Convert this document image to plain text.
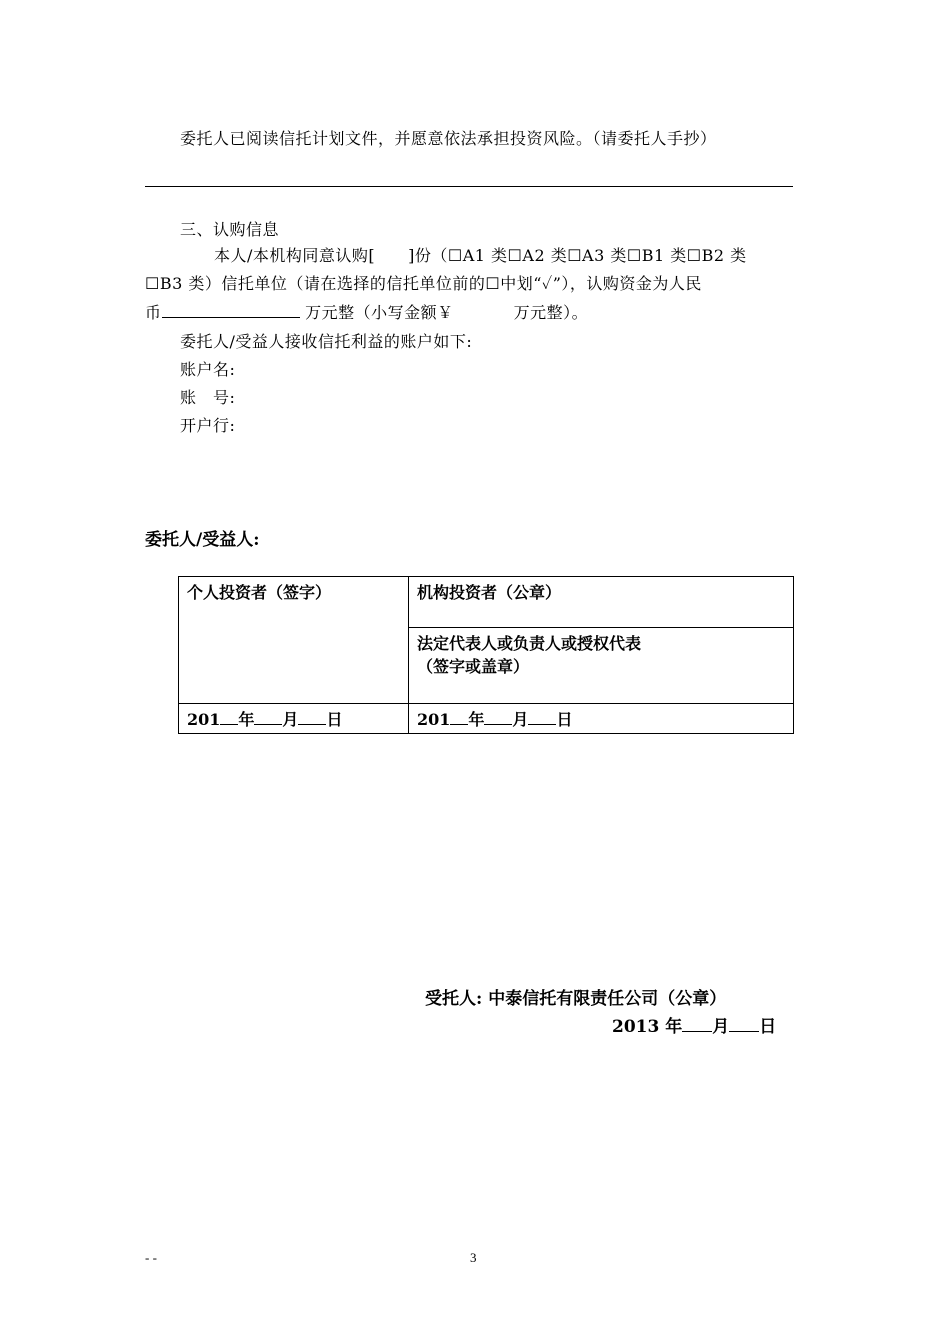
委托人已阅读信托计划文件，并愿意依法承担投资风险。（请委托人手抄）
三、认购信息
本人/本机构同意认购[　　]份（☐A1 类☐A2 类☐A3 类☐B1 类☐B2 类
☐B3 类）信托单位（请在选择的信托单位前的☐中划“✓”），认购资金为人民
币	万元整（小写金额￥	万元整）。
委托人/受益人接收信托利益的账户如下:
账户名:
账　号:
开户行:
委托人/受益人:
个人投资者（签字）	机构投资者（公章）

	法定代表人或负责人或授权代表
（签字或盖章）

201 年 月 日	201 年 月 日
受托人: 中泰信托有限责任公司（公章）
2013 年 月 日
- -	3
